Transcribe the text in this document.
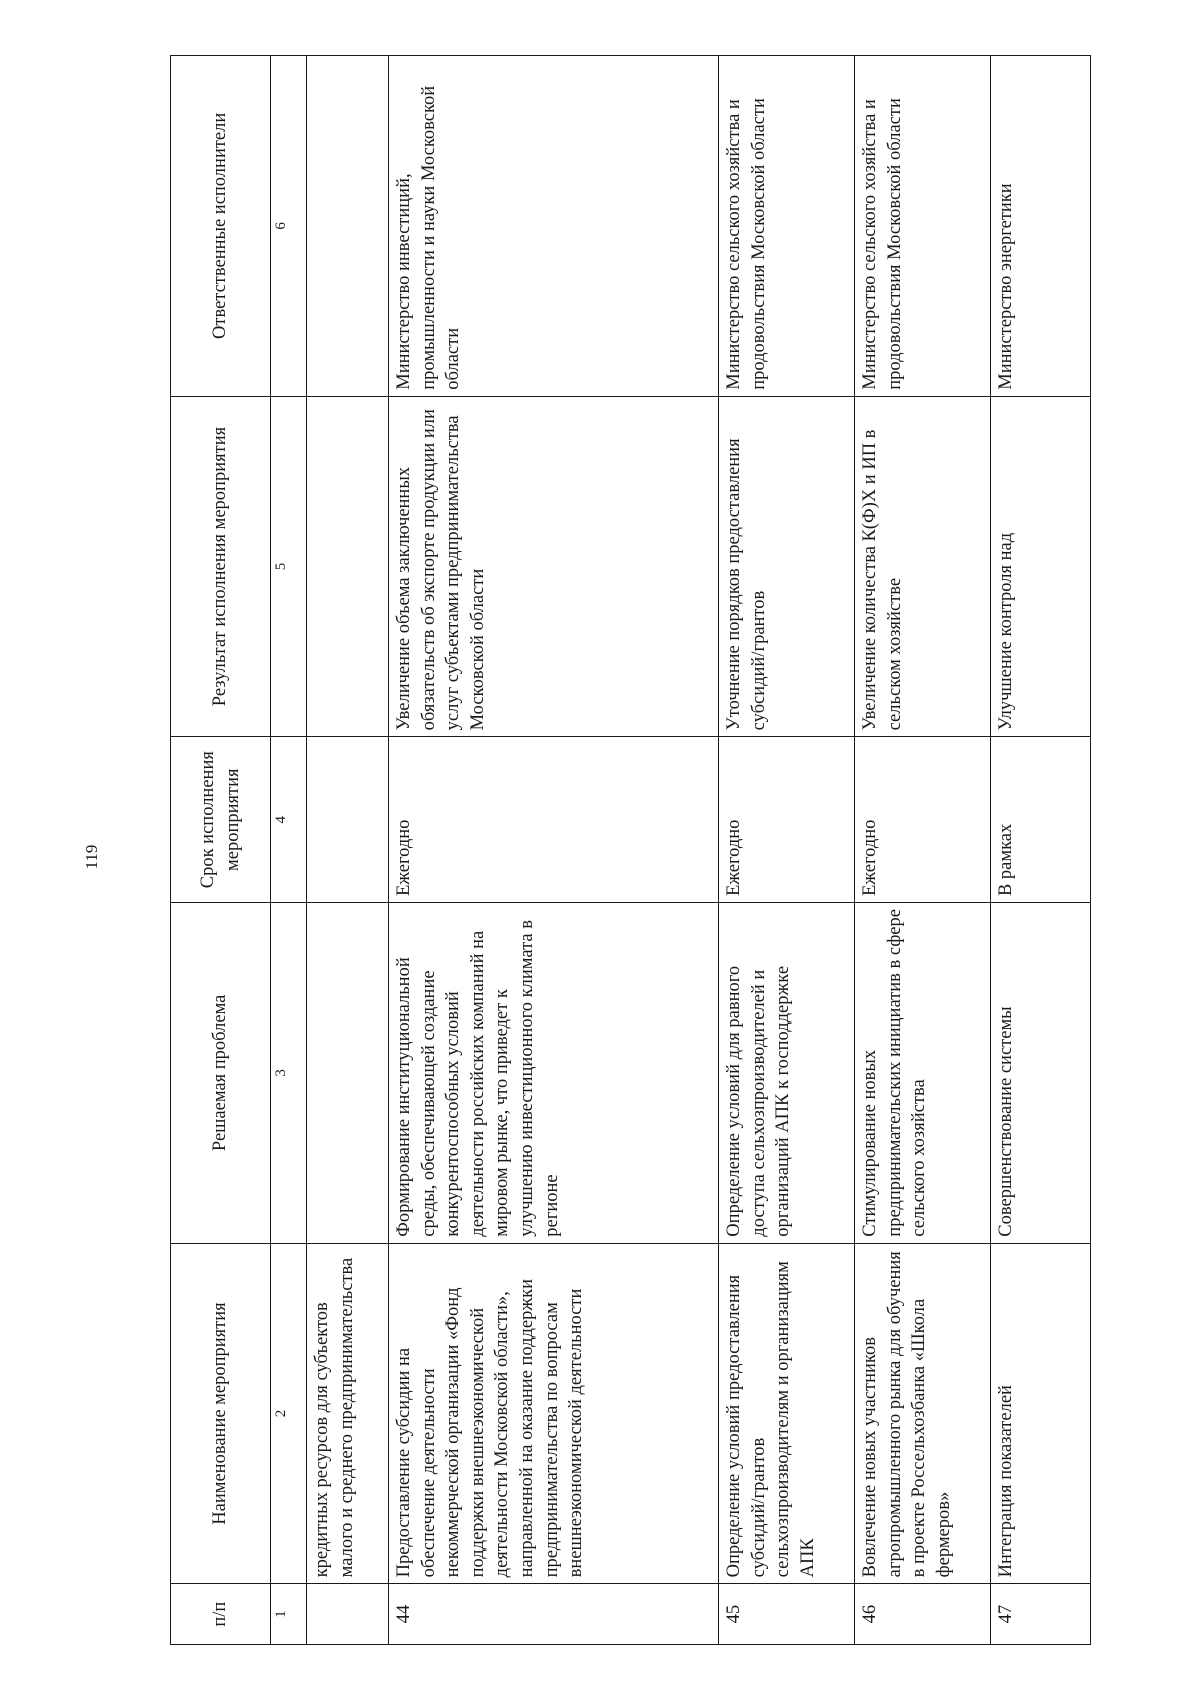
119
п/п	Наименование мероприятия	Решаемая проблема	Срок исполнения мероприятия	Результат исполнения мероприятия	Ответственные исполнители
1	2	3	4	5	6
	кредитных ресурсов для субъектов малого и среднего предпринимательства				
44	Предоставление субсидии на обеспечение деятельности некоммерческой организации «Фонд поддержки внешнеэкономической деятельности Московской области», направленной на оказание поддержки предпринимательства по вопросам внешнеэкономической деятельности	Формирование институциональной среды, обеспечивающей создание конкурентоспособных условий деятельности российских компаний на мировом рынке, что приведет к улучшению инвестиционного климата в регионе	Ежегодно	Увеличение объема заключенных обязательств об экспорте продукции или услуг субъектами предпринимательства Московской области	Министерство инвестиций, промышленности и науки Московской области
45	Определение условий предоставления субсидий/грантов сельхозпроизводителям и организациям АПК	Определение условий для равного доступа сельхозпроизводителей и организаций АПК к господдержке	Ежегодно	Уточнение порядков предоставления субсидий/грантов	Министерство сельского хозяйства и продовольствия Московской области
46	Вовлечение новых участников агропромышленного рынка для обучения в проекте Россельхозбанка «Школа фермеров»	Стимулирование новых предпринимательских инициатив в сфере сельского хозяйства	Ежегодно	Увеличение количества К(Ф)Х и ИП в сельском хозяйстве	Министерство сельского хозяйства и продовольствия Московской области
47	Интеграция показателей	Совершенствование системы	В рамках	Улучшение контроля над	Министерство энергетики
